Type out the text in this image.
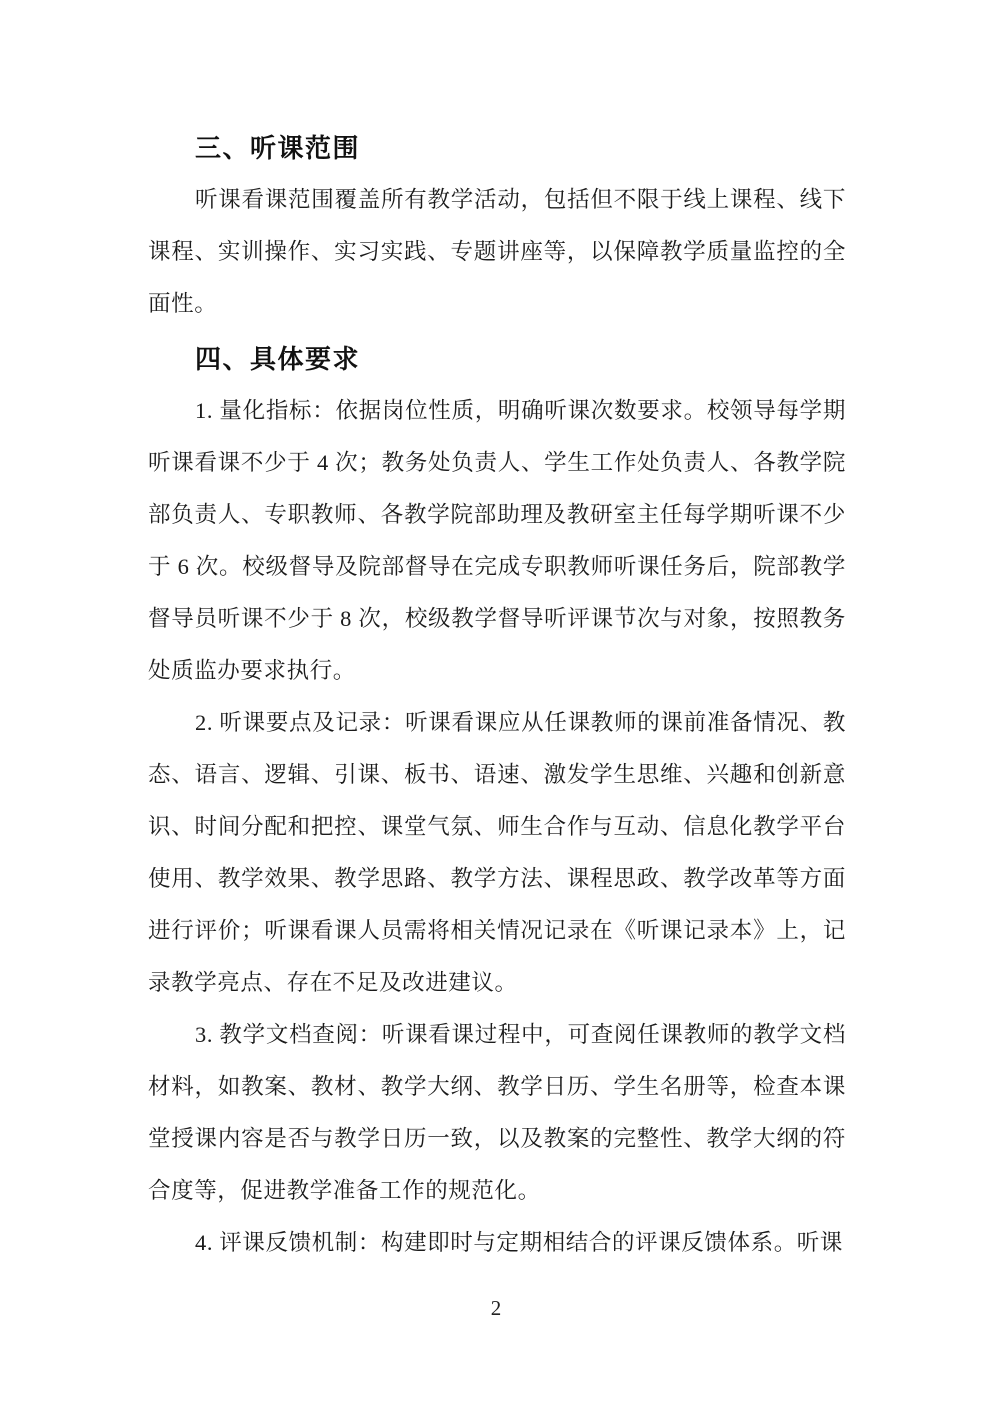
三、听课范围

听课看课范围覆盖所有教学活动，包括但不限于线上课程、线下课程、实训操作、实习实践、专题讲座等，以保障教学质量监控的全面性。

四、具体要求

1. 量化指标：依据岗位性质，明确听课次数要求。校领导每学期听课看课不少于 4 次；教务处负责人、学生工作处负责人、各教学院部负责人、专职教师、各教学院部助理及教研室主任每学期听课不少于 6 次。校级督导及院部督导在完成专职教师听课任务后，院部教学督导员听课不少于 8 次，校级教学督导听评课节次与对象，按照教务处质监办要求执行。

2. 听课要点及记录：听课看课应从任课教师的课前准备情况、教态、语言、逻辑、引课、板书、语速、激发学生思维、兴趣和创新意识、时间分配和把控、课堂气氛、师生合作与互动、信息化教学平台使用、教学效果、教学思路、教学方法、课程思政、教学改革等方面进行评价；听课看课人员需将相关情况记录在《听课记录本》上，记录教学亮点、存在不足及改进建议。

3. 教学文档查阅：听课看课过程中，可查阅任课教师的教学文档材料，如教案、教材、教学大纲、教学日历、学生名册等，检查本课堂授课内容是否与教学日历一致，以及教案的完整性、教学大纲的符合度等，促进教学准备工作的规范化。

4. 评课反馈机制：构建即时与定期相结合的评课反馈体系。听课

2
